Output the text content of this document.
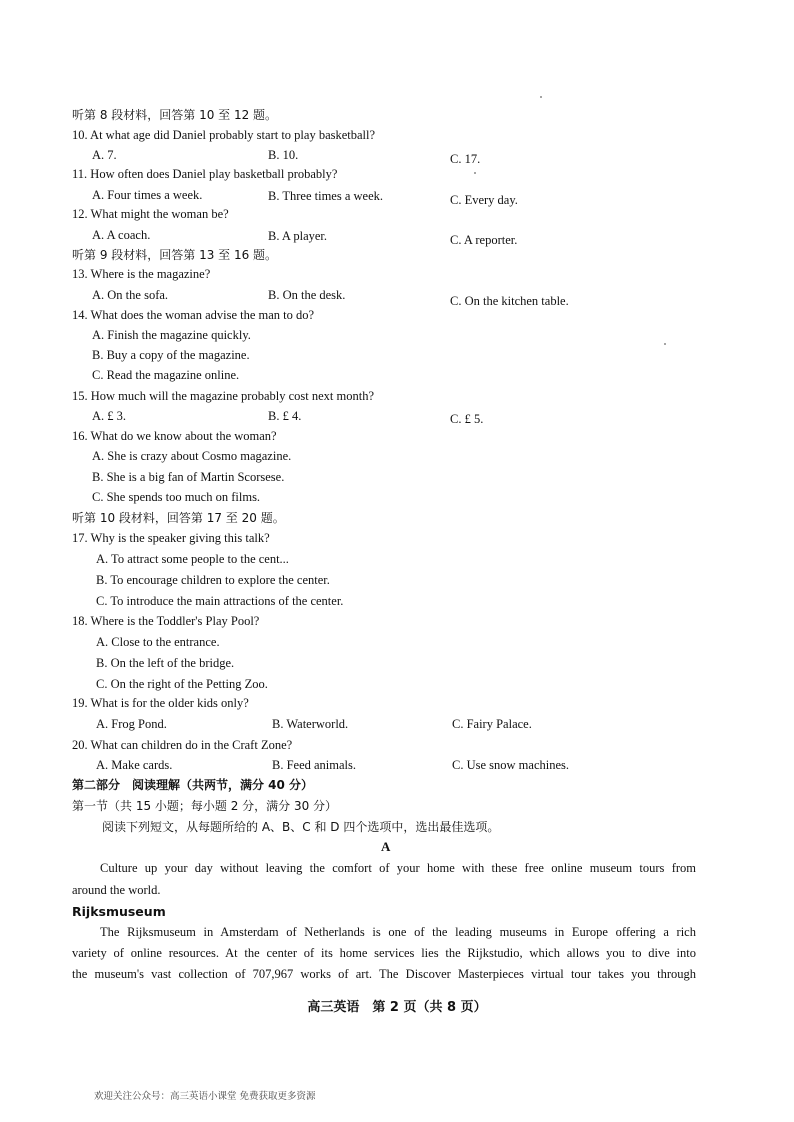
听第 8 段材料，回答第 10 至 12 题。
10. At what age did Daniel probably start to play basketball?
A. 7.	B. 10.	C. 17.
11. How often does Daniel play basketball probably?
A. Four times a week.	B. Three times a week.	C. Every day.
12. What might the woman be?
A. A coach.	B. A player.	C. A reporter.
听第 9 段材料，回答第 13 至 16 题。
13. Where is the magazine?
A. On the sofa.	B. On the desk.	C. On the kitchen table.
14. What does the woman advise the man to do?
A. Finish the magazine quickly.
B. Buy a copy of the magazine.
C. Read the magazine online.
15. How much will the magazine probably cost next month?
A. £ 3.	B. £ 4.	C. £ 5.
16. What do we know about the woman?
A. She is crazy about Cosmo magazine.
B. She is a big fan of Martin Scorsese.
C. She spends too much on films.
听第 10 段材料，回答第 17 至 20 题。
17. Why is the speaker giving this talk?
A. To attract some people to the cent...
B. To encourage children to explore the center.
C. To introduce the main attractions of the center.
18. Where is the Toddler's Play Pool?
A. Close to the entrance.
B. On the left of the bridge.
C. On the right of the Petting Zoo.
19. What is for the older kids only?
A. Frog Pond.	B. Waterworld.	C. Fairy Palace.
20. What can children do in the Craft Zone?
A. Make cards.	B. Feed animals.	C. Use snow machines.
第二部分　阅读理解（共两节，满分 40 分）
第一节（共 15 小题；每小题 2 分，满分 30 分）
阅读下列短文，从每题所给的 A、B、C 和 D 四个选项中，选出最佳选项。
A
Culture up your day without leaving the comfort of your home with these free online museum tours from
around the world.
Rijksmuseum
The Rijksmuseum in Amsterdam of Netherlands is one of the leading museums in Europe offering a rich
variety of online resources. At the center of its home services lies the Rijkstudio, which allows you to dive into
the museum's vast collection of 707,967 works of art. The Discover Masterpieces virtual tour takes you through
高三英语　第 2 页（共 8 页）
欢迎关注公众号：高三英语小课堂 免费获取更多资源
